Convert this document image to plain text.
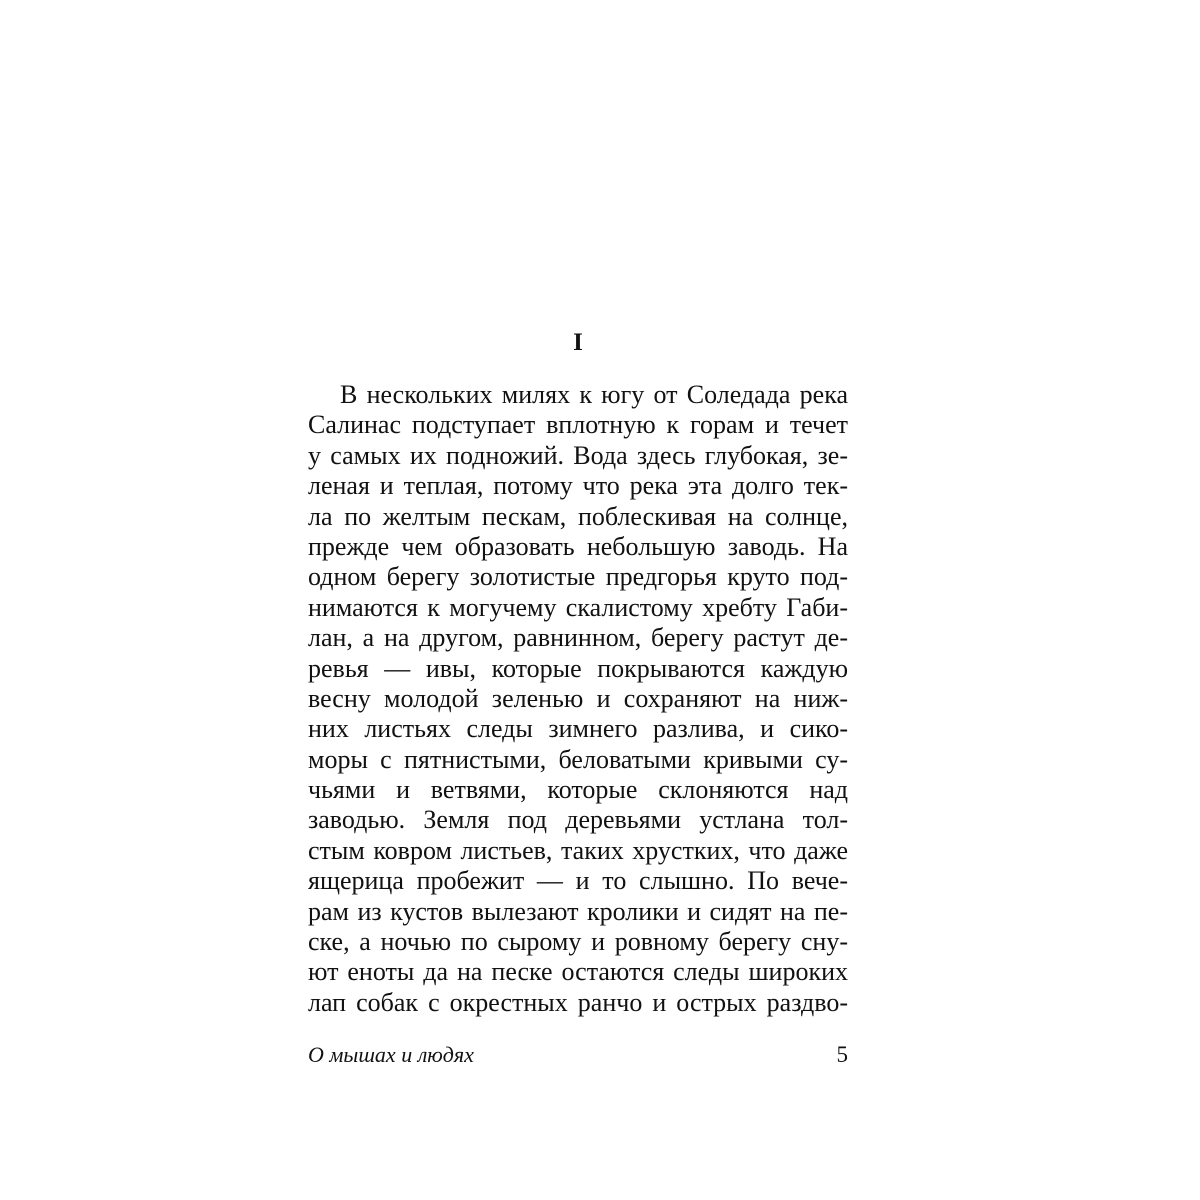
I
В нескольких милях к югу от Соледада река
Салинас подступает вплотную к горам и течет
у самых их подножий. Вода здесь глубокая, зе-
леная и теплая, потому что река эта долго тек-
ла по желтым пескам, поблескивая на солнце,
прежде чем образовать небольшую заводь. На
одном берегу золотистые предгорья круто под-
нимаются к могучему скалистому хребту Габи-
лан, а на другом, равнинном, берегу растут де-
ревья — ивы, которые покрываются каждую
весну молодой зеленью и сохраняют на ниж-
них листьях следы зимнего разлива, и сико-
моры с пятнистыми, беловатыми кривыми су-
чьями и ветвями, которые склоняются над
заводью. Земля под деревьями устлана тол-
стым ковром листьев, таких хрустких, что даже
ящерица пробежит — и то слышно. По вече-
рам из кустов вылезают кролики и сидят на пе-
ске, а ночью по сырому и ровному берегу сну-
ют еноты да на песке остаются следы широких
лап собак с окрестных ранчо и острых раздво-
О мышах и людях	5
